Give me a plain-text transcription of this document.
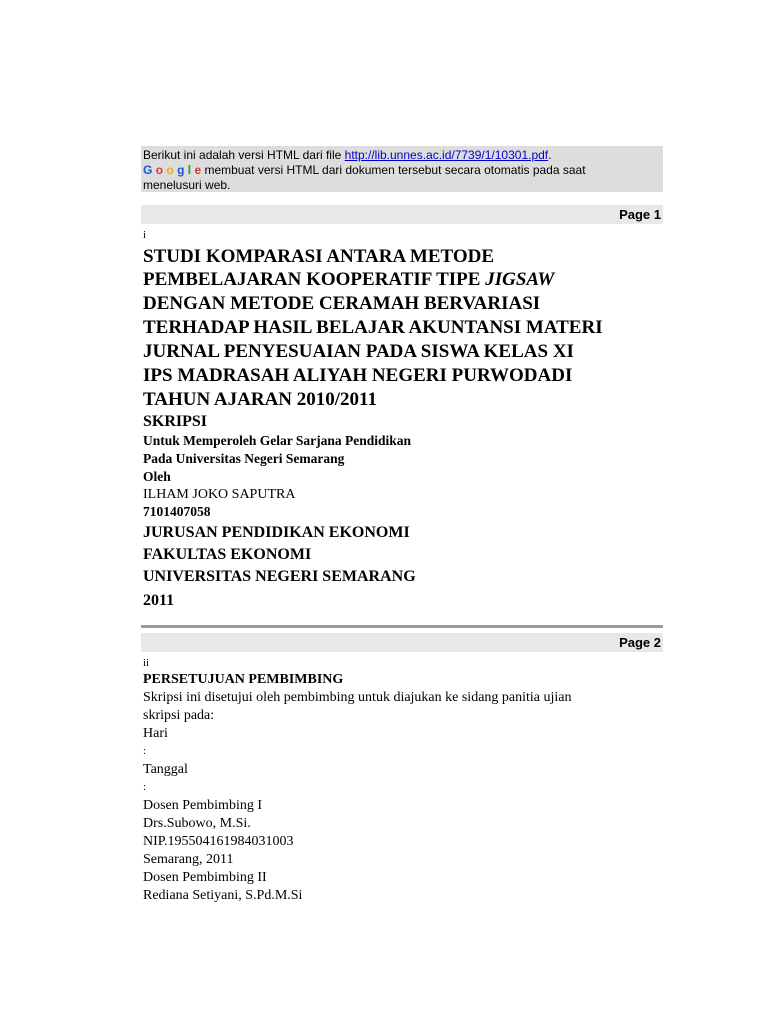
Berikut ini adalah versi HTML dari file http://lib.unnes.ac.id/7739/1/10301.pdf.
G o o g l e membuat versi HTML dari dokumen tersebut secara otomatis pada saat
menelusuri web.
Page 1
i
STUDI KOMPARASI ANTARA METODE
PEMBELAJARAN KOOPERATIF TIPE JIGSAW
DENGAN METODE CERAMAH BERVARIASI
TERHADAP HASIL BELAJAR AKUNTANSI MATERI
JURNAL PENYESUAIAN PADA SISWA KELAS XI
IPS MADRASAH ALIYAH NEGERI PURWODADI
TAHUN AJARAN 2010/2011
SKRIPSI
Untuk Memperoleh Gelar Sarjana Pendidikan
Pada Universitas Negeri Semarang
Oleh
ILHAM JOKO SAPUTRA
7101407058
JURUSAN PENDIDIKAN EKONOMI
FAKULTAS EKONOMI
UNIVERSITAS NEGERI SEMARANG
2011
Page 2
ii
PERSETUJUAN PEMBIMBING
Skripsi ini disetujui oleh pembimbing untuk diajukan ke sidang panitia ujian
skripsi pada:
Hari
:
Tanggal
:
Dosen Pembimbing I
Drs.Subowo, M.Si.
NIP.195504161984031003
Semarang, 2011
Dosen Pembimbing II
Rediana Setiyani, S.Pd.M.Si
